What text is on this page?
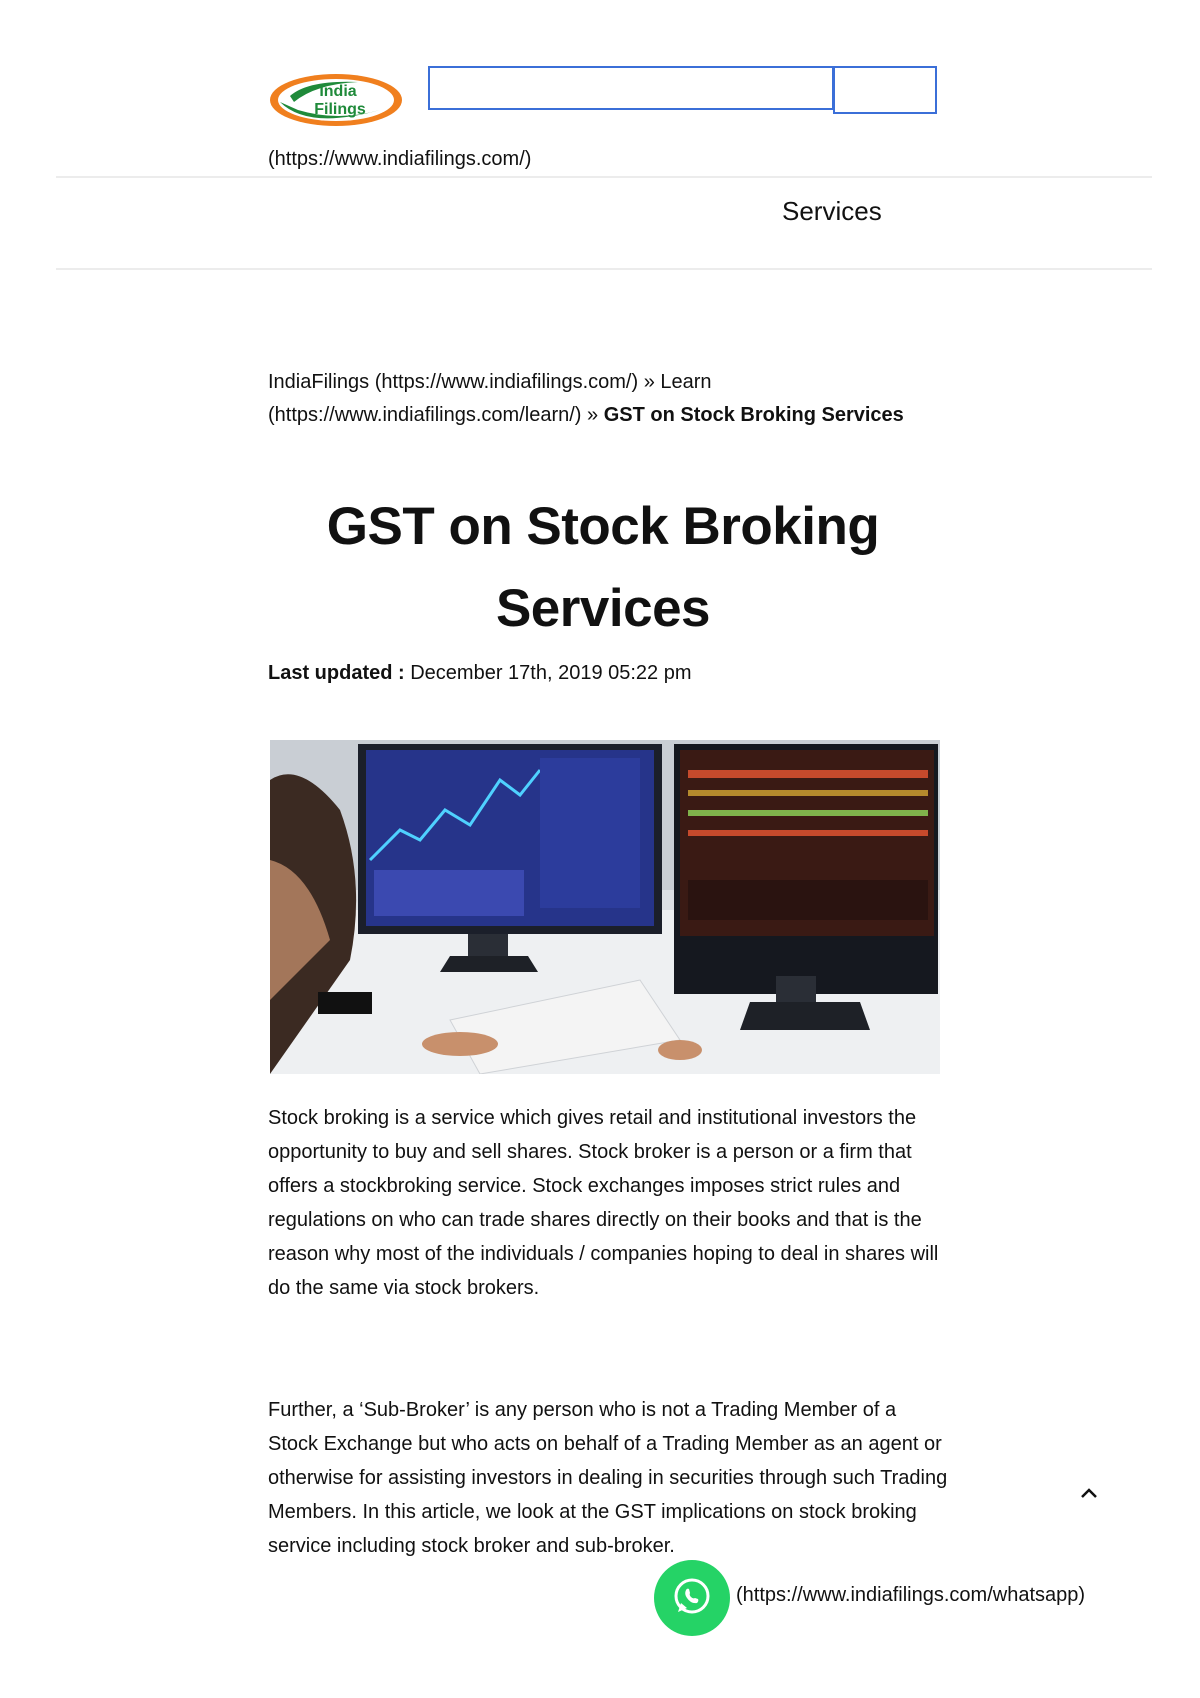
India
Filings
(https://www.indiafilings.com/)
Services
IndiaFilings (https://www.indiafilings.com/) » Learn (https://www.indiafilings.com/learn/) » GST on Stock Broking Services
GST on Stock Broking Services
Last updated : December 17th, 2019 05:22 pm

Stock broking is a service which gives retail and institutional investors the opportunity to buy and sell shares. Stock broker is a person or a firm that offers a stockbroking service. Stock exchanges imposes strict rules and regulations on who can trade shares directly on their books and that is the reason why most of the individuals / companies hoping to deal in shares will do the same via stock brokers.

Further, a ‘Sub-Broker’ is any person who is not a Trading Member of a Stock Exchange but who acts on behalf of a Trading Member as an agent or otherwise for assisting investors in dealing in securities through such Trading Members. In this article, we look at the GST implications on stock broking service including stock broker and sub-broker.

(https://www.indiafilings.com/whatsapp)
